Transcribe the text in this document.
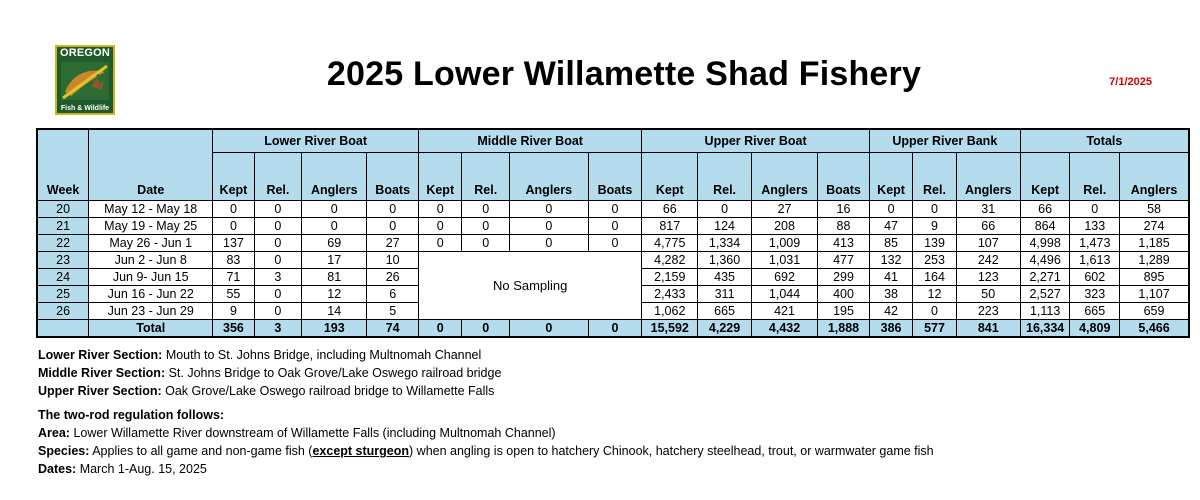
OREGON
Fish & Wildlife
2025 Lower Willamette Shad Fishery	7/1/2025
Week	Date	Lower River Boat				Middle River Boat				Upper River Boat				Upper River Bank			Totals		
		Kept	Rel.	Anglers	Boats	Kept	Rel.	Anglers	Boats	Kept	Rel.	Anglers	Boats	Kept	Rel.	Anglers	Kept	Rel.	Anglers
20	May 12 - May 18	0	0	0	0	0	0	0	0	66	0	27	16	0	0	31	66	0	58
21	May 19 - May 25	0	0	0	0	0	0	0	0	817	124	208	88	47	9	66	864	133	274
22	May 26 - Jun 1	137	0	69	27	0	0	0	0	4,775	1,334	1,009	413	85	139	107	4,998	1,473	1,185
23	Jun 2 - Jun 8	83	0	17	10	No Sampling				4,282	1,360	1,031	477	132	253	242	4,496	1,613	1,289
24	Jun 9- Jun 15	71	3	81	26					2,159	435	692	299	41	164	123	2,271	602	895
25	Jun 16 - Jun 22	55	0	12	6					2,433	311	1,044	400	38	12	50	2,527	323	1,107
26	Jun 23 - Jun 29	9	0	14	5					1,062	665	421	195	42	0	223	1,113	665	659
	Total	356	3	193	74	0	0	0	0	15,592	4,229	4,432	1,888	386	577	841	16,334	4,809	5,466
Lower River Section: Mouth to St. Johns Bridge, including Multnomah Channel
Middle River Section: St. Johns Bridge to Oak Grove/Lake Oswego railroad bridge
Upper River Section: Oak Grove/Lake Oswego railroad bridge to Willamette Falls
The two-rod regulation follows:
Area: Lower Willamette River downstream of Willamette Falls (including Multnomah Channel)
Species: Applies to all game and non-game fish (except sturgeon) when angling is open to hatchery Chinook, hatchery steelhead, trout, or warmwater game fish
Dates: March 1-Aug. 15, 2025
